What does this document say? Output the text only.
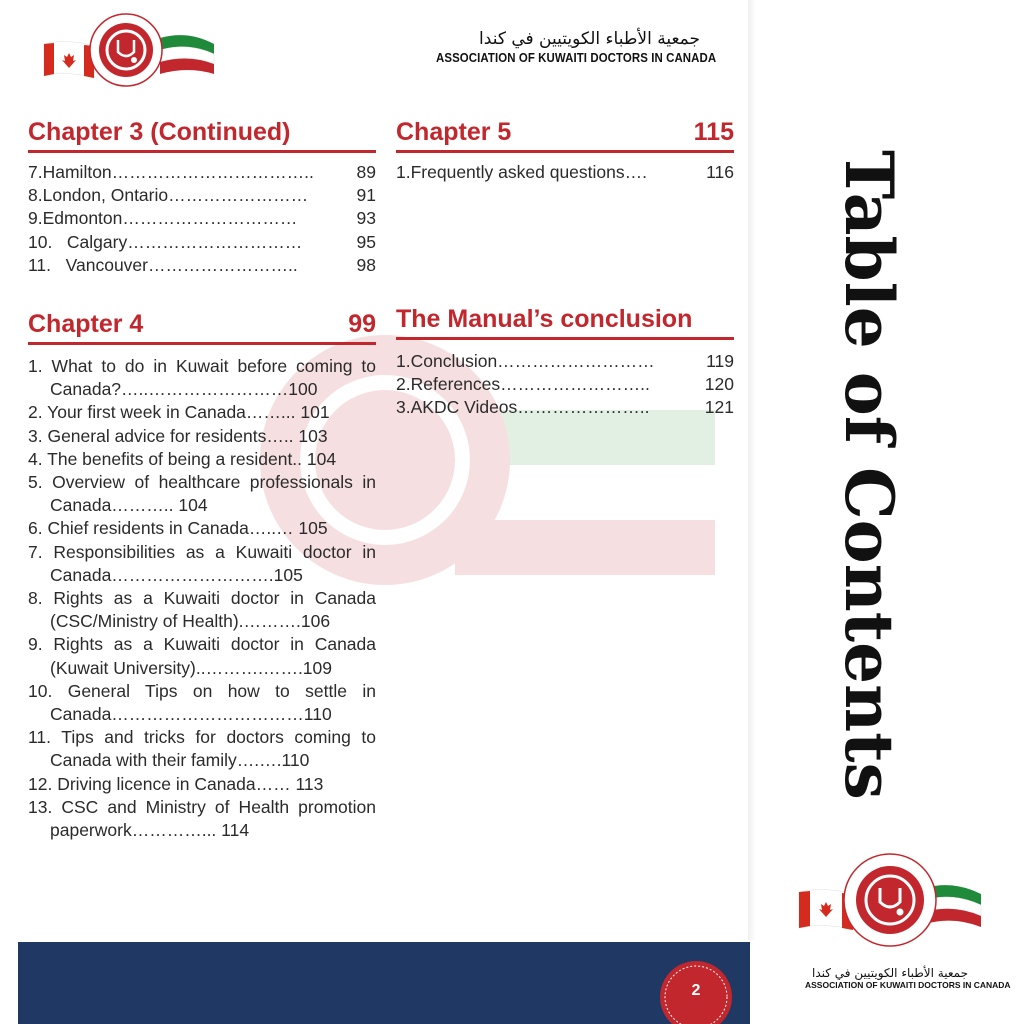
جمعية الأطباء الكويتيين في كندا
ASSOCIATION OF KUWAITI DOCTORS IN CANADA
Chapter 3 (Continued)
7. Hamilton……………………………..	89
8. London, Ontario……………………	91
9. Edmonton…………………………	93
10. Calgary…………………………	95
11. Vancouver……………………..	98
Chapter 4	99
1. What to do in Kuwait before coming to Canada?…..……………………100
2. Your first week in Canada……... 101
3. General advice for residents….. 103
4. The benefits of being a resident.. 104
5. Overview of healthcare professionals in Canada……….. 104
6. Chief residents in Canada…..… 105
7. Responsibilities as a Kuwaiti doctor in Canada……………………….105
8. Rights as a Kuwaiti doctor in Canada (CSC/Ministry of Health).……….106
9. Rights as a Kuwaiti doctor in Canada (Kuwait University)..……….…….109
10. General Tips on how to settle in Canada……………………………110
11. Tips and tricks for doctors coming to Canada with their family….….110
12. Driving licence in Canada…… 113
13. CSC and Ministry of Health promotion paperwork…………... 114
Chapter 5	115
1. Frequently asked questions….	116
The Manual’s conclusion
1. Conclusion………………………	119
2. References……………………..	120
3. AKDC Videos…………………..	121
2
Table of Contents
جمعية الأطباء الكويتيين في كندا
ASSOCIATION OF KUWAITI DOCTORS IN CANADA
